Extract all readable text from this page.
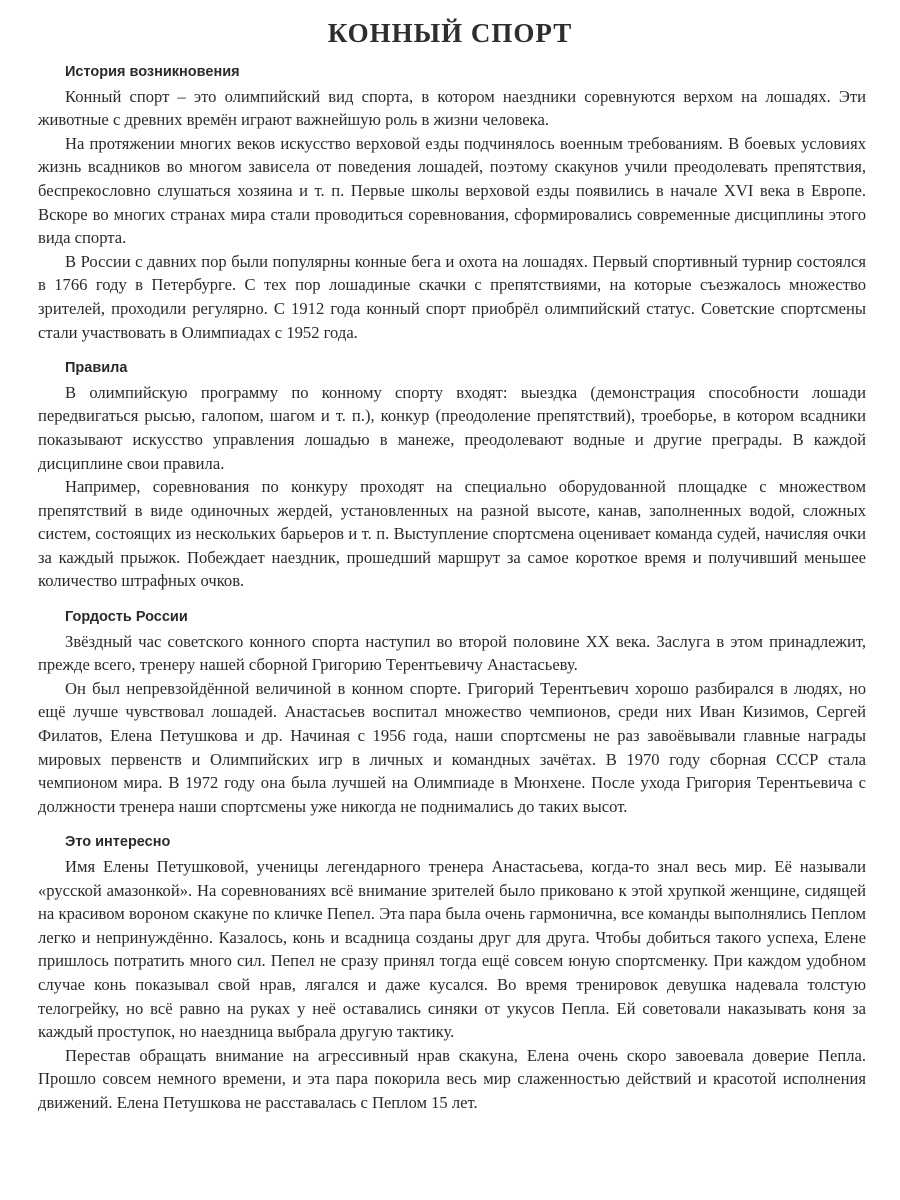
КОННЫЙ СПОРТ
История возникновения

Конный спорт – это олимпийский вид спорта, в котором наездники соревнуются верхом на лошадях. Эти животные с древних времён играют важнейшую роль в жизни человека.

На протяжении многих веков искусство верховой езды подчинялось военным требованиям. В боевых условиях жизнь всадников во многом зависела от поведения лошадей, поэтому скакунов учили преодолевать препятствия, беспрекословно слушаться хозяина и т. п. Первые школы верховой езды появились в начале XVI века в Европе. Вскоре во многих странах мира стали проводиться соревнования, сформировались современные дисциплины этого вида спорта.

В России с давних пор были популярны конные бега и охота на лошадях. Первый спортивный турнир состоялся в 1766 году в Петербурге. С тех пор лошадиные скачки с препятствиями, на которые съезжалось множество зрителей, проходили регулярно. С 1912 года конный спорт приобрёл олимпийский статус. Советские спортсмены стали участвовать в Олимпиадах с 1952 года.

Правила

В олимпийскую программу по конному спорту входят: выездка (демонстрация способности лошади передвигаться рысью, галопом, шагом и т. п.), конкур (преодоление препятствий), троеборье, в котором всадники показывают искусство управления лошадью в манеже, преодолевают водные и другие преграды. В каждой дисциплине свои правила.

Например, соревнования по конкуру проходят на специально оборудованной площадке с множеством препятствий в виде одиночных жердей, установленных на разной высоте, канав, заполненных водой, сложных систем, состоящих из нескольких барьеров и т. п. Выступление спортсмена оценивает команда судей, начисляя очки за каждый прыжок. Побеждает наездник, прошедший маршрут за самое короткое время и получивший меньшее количество штрафных очков.

Гордость России

Звёздный час советского конного спорта наступил во второй половине XX века. Заслуга в этом принадлежит, прежде всего, тренеру нашей сборной Григорию Терентьевичу Анастасьеву.

Он был непревзойдённой величиной в конном спорте. Григорий Терентьевич хорошо разбирался в людях, но ещё лучше чувствовал лошадей. Анастасьев воспитал множество чемпионов, среди них Иван Кизимов, Сергей Филатов, Елена Петушкова и др. Начиная с 1956 года, наши спортсмены не раз завоёвывали главные награды мировых первенств и Олимпийских игр в личных и командных зачётах. В 1970 году сборная СССР стала чемпионом мира. В 1972 году она была лучшей на Олимпиаде в Мюнхене. После ухода Григория Терентьевича с должности тренера наши спортсмены уже никогда не поднимались до таких высот.

Это интересно

Имя Елены Петушковой, ученицы легендарного тренера Анастасьева, когда-то знал весь мир. Её называли «русской амазонкой». На соревнованиях всё внимание зрителей было приковано к этой хрупкой женщине, сидящей на красивом вороном скакуне по кличке Пепел. Эта пара была очень гармонична, все команды выполнялись Пеплом легко и непринуждённо. Казалось, конь и всадница созданы друг для друга. Чтобы добиться такого успеха, Елене пришлось потратить много сил. Пепел не сразу принял тогда ещё совсем юную спортсменку. При каждом удобном случае конь показывал свой нрав, лягался и даже кусался. Во время тренировок девушка надевала толстую телогрейку, но всё равно на руках у неё оставались синяки от укусов Пепла. Ей советовали наказывать коня за каждый проступок, но наездница выбрала другую тактику.

Перестав обращать внимание на агрессивный нрав скакуна, Елена очень скоро завоевала доверие Пепла. Прошло совсем немного времени, и эта пара покорила весь мир слаженностью действий и красотой исполнения движений. Елена Петушкова не расставалась с Пеплом 15 лет.
